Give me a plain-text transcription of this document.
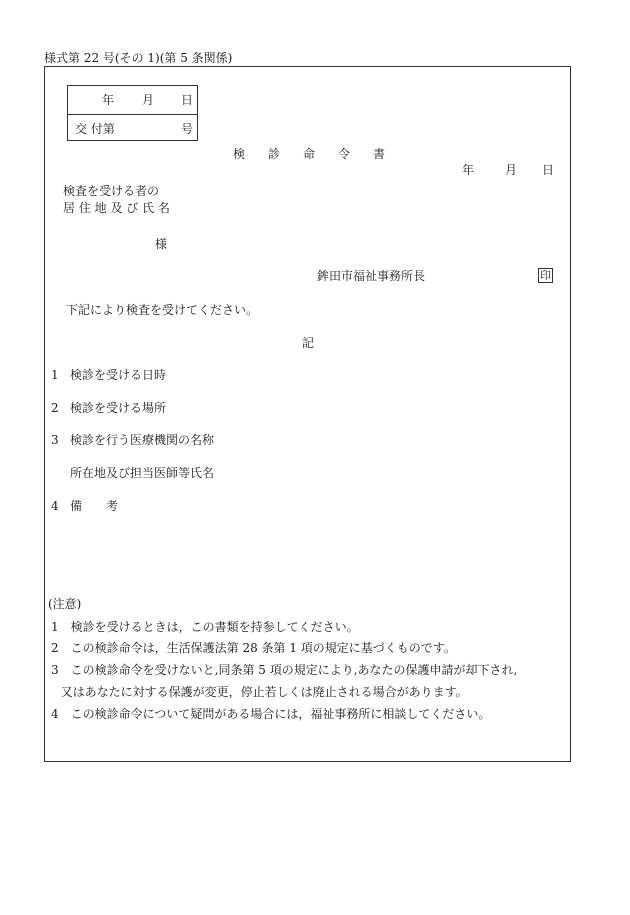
様式第 22 号(その 1)(第 5 条関係)
年 月 日
交 付第	号
検 診 命 令 書
年	月 日
検査を受ける者の
居 住 地 及 び 氏 名
様
鉾田市福祉事務所長	印
下記により検査を受けてください。
記
1 検診を受ける日時
2 検診を受ける場所
3 検診を行う医療機関の名称
所在地及び担当医師等氏名
4 備　　考
(注意)
1　検診を受けるときは，この書類を持参してください。
2　この検診命令は，生活保護法第 28 条第 1 項の規定に基づくものです。
3　この検診命令を受けないと,同条第 5 項の規定により,あなたの保護申請が却下され,
又はあなたに対する保護が変更，停止若しくは廃止される場合があります。
4　この検診命令について疑問がある場合には，福祉事務所に相談してください。
